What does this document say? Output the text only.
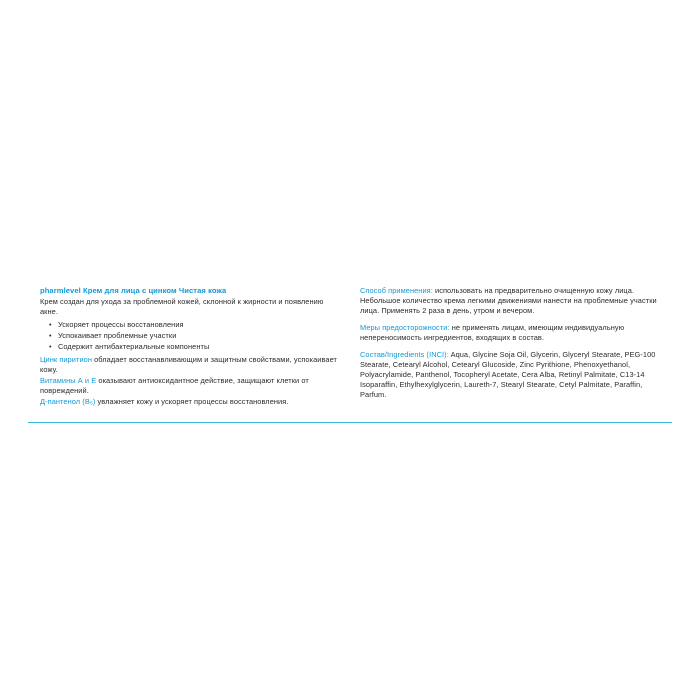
pharmlevel Крем для лица с цинком Чистая кожа

Крем создан для ухода за проблемной кожей, склонной к жирности и появлению акне.

• Ускоряет процессы восстановления
• Успокаивает проблемные участки
• Содержит антибактериальные компоненты

Цинк пиритион обладает восстанавливающим и защитным свойствами, успокаивает кожу.

Витамины А и Е оказывают антиоксидантное действие, защищают клетки от повреждений.

Д-пантенол (В₅) увлажняет кожу и ускоряет процессы восстановления.

Способ применения: использовать на предварительно очищенную кожу лица. Небольшое количество крема легкими движениями нанести на проблемные участки лица. Применять 2 раза в день, утром и вечером.

Меры предосторожности: не применять лицам, имеющим индивидуальную непереносимость ингредиентов, входящих в состав.

Состав/Ingredients (INCI): Aqua, Glycine Soja Oil, Glycerin, Glyceryl Stearate, PEG-100 Stearate, Cetearyl Alcohol, Cetearyl Glucoside, Zinc Pyrithione, Phenoxyethanol, Polyacrylamide, Panthenol, Tocopheryl Acetate, Cera Alba, Retinyl Palmitate, C13-14 Isoparaffin, Ethylhexylglycerin, Laureth-7, Stearyl Stearate, Cetyl Palmitate, Paraffin, Parfum.
